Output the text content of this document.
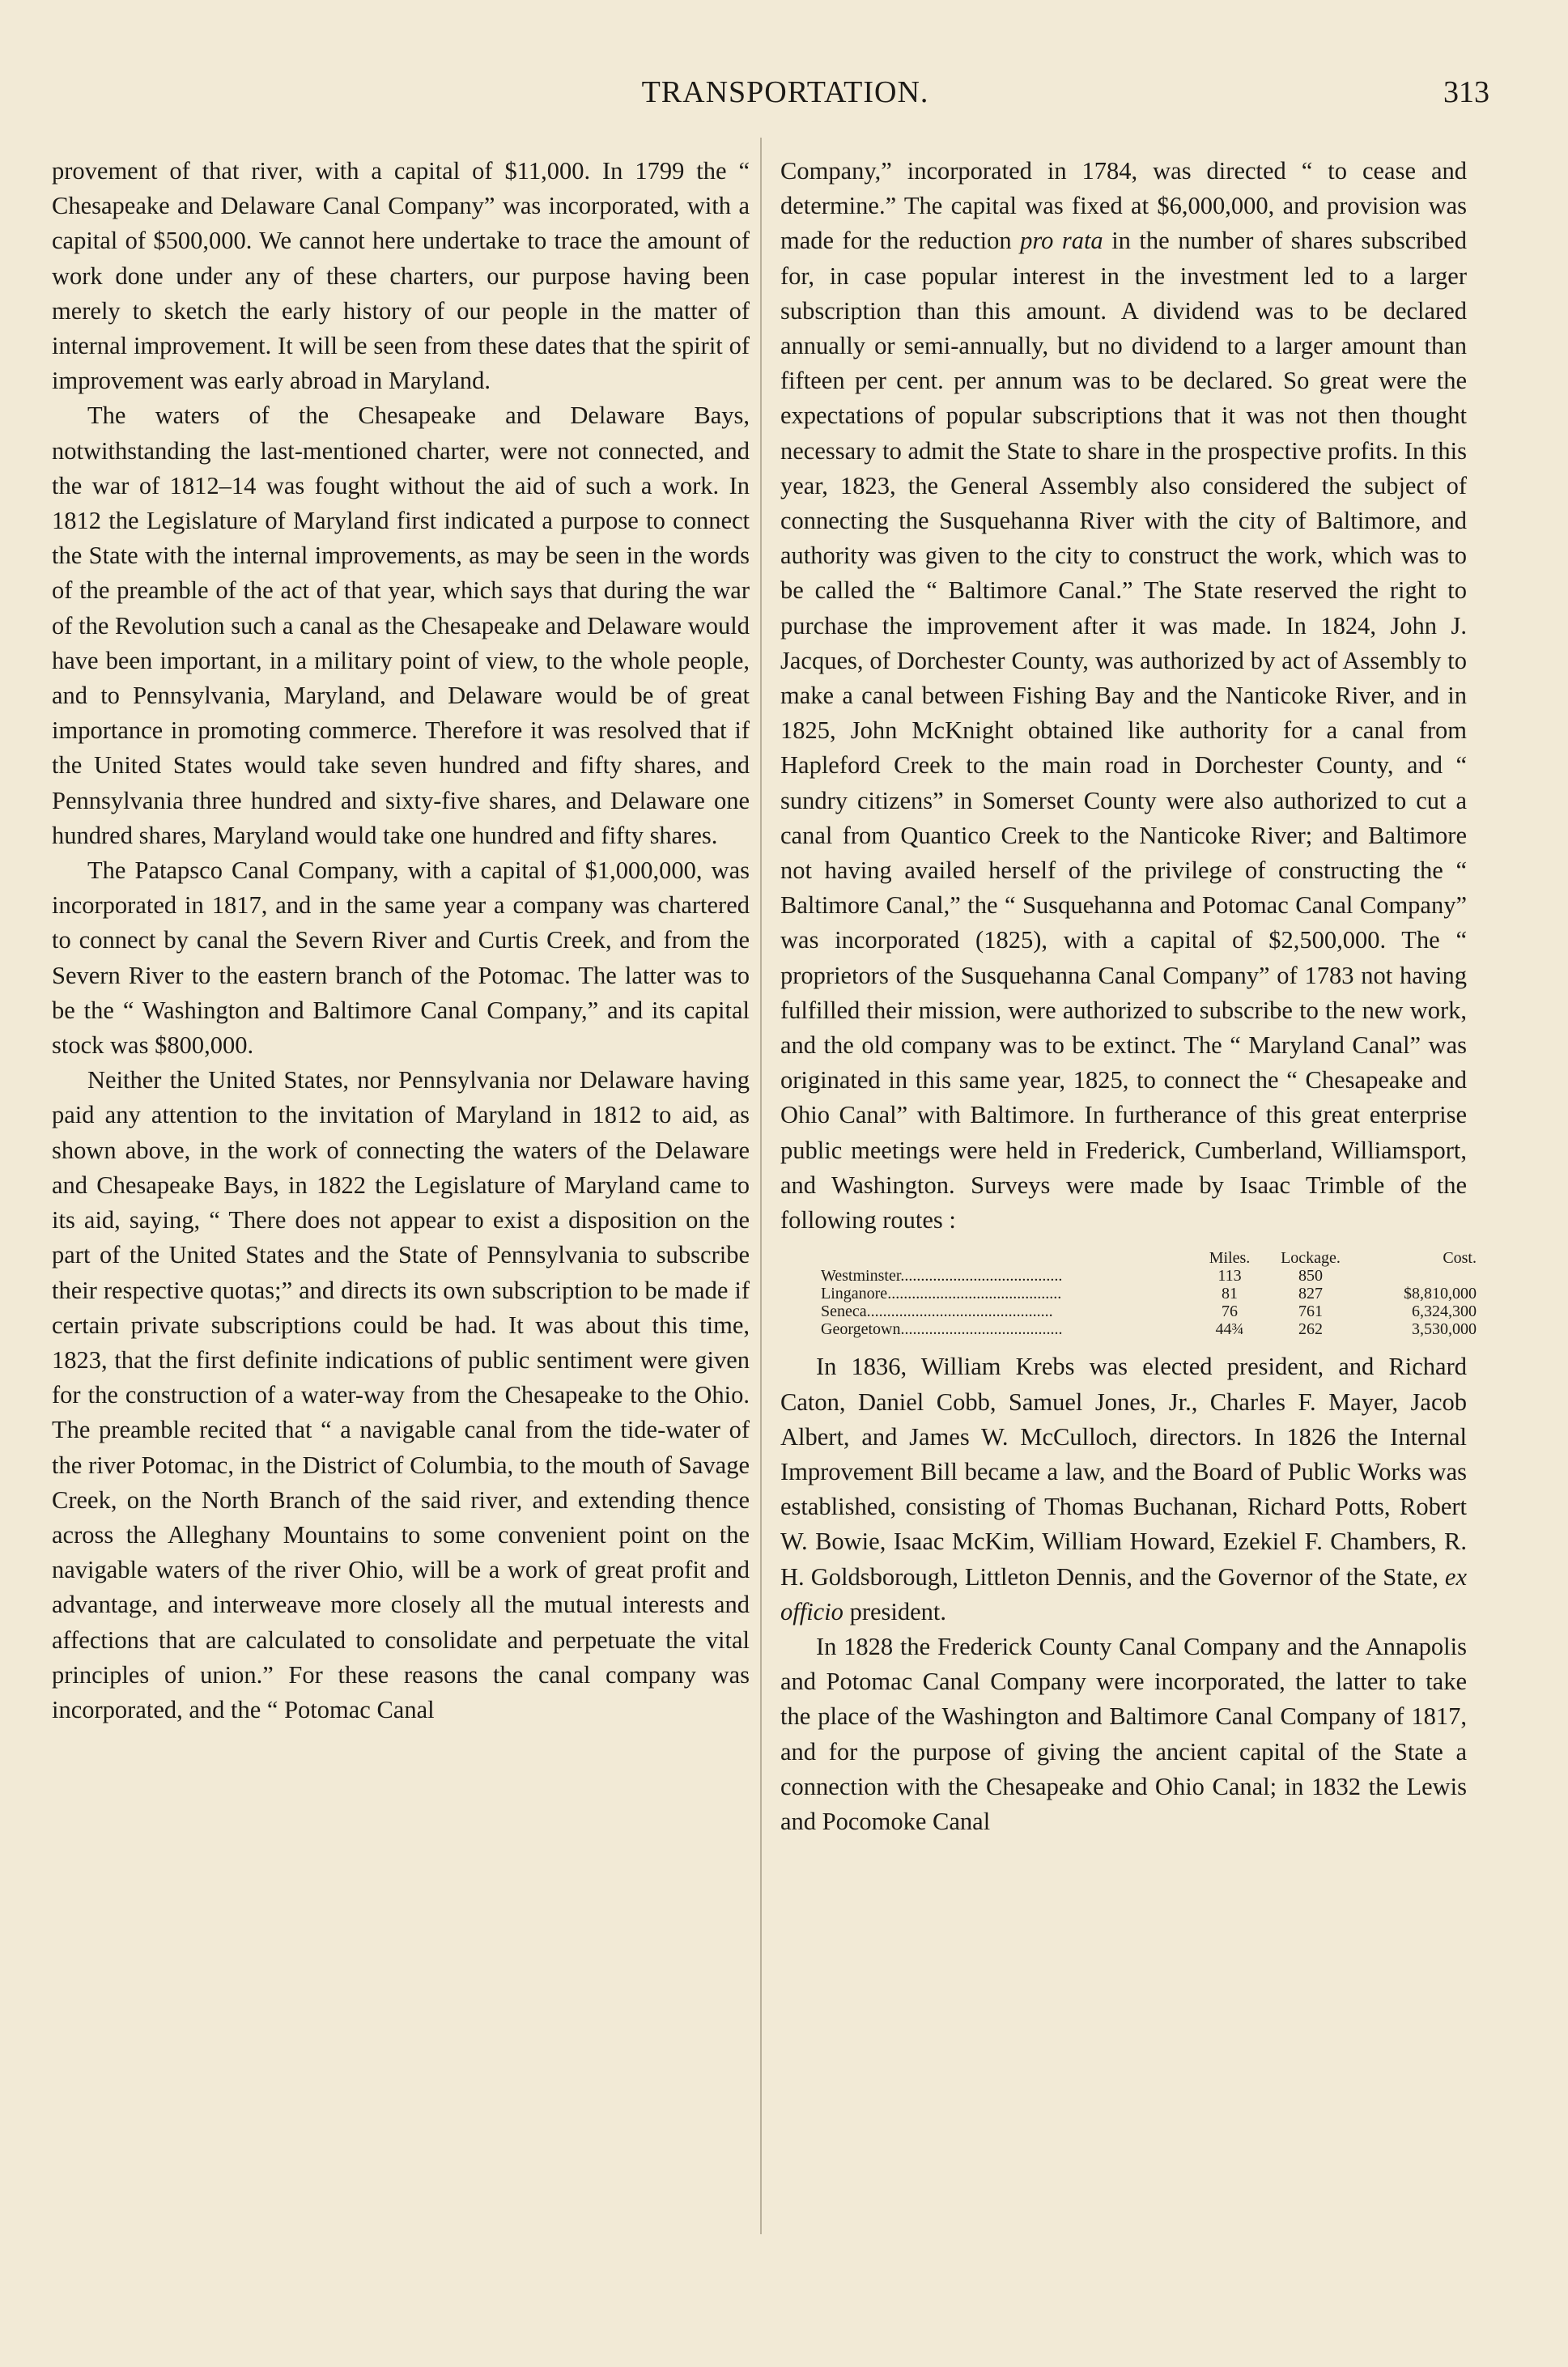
TRANSPORTATION.	313

provement of that river, with a capital of $11,000. In 1799 the “ Chesapeake and Delaware Canal Company” was incorporated, with a capital of $500,000. We cannot here undertake to trace the amount of work done under any of these charters, our purpose having been merely to sketch the early history of our people in the matter of internal improvement. It will be seen from these dates that the spirit of improvement was early abroad in Maryland.

The waters of the Chesapeake and Delaware Bays, notwithstanding the last-mentioned charter, were not connected, and the war of 1812–14 was fought without the aid of such a work. In 1812 the Legislature of Maryland first indicated a purpose to connect the State with the internal improvements, as may be seen in the words of the preamble of the act of that year, which says that during the war of the Revolution such a canal as the Chesapeake and Delaware would have been important, in a military point of view, to the whole people, and to Pennsylvania, Maryland, and Delaware would be of great importance in promoting commerce. Therefore it was resolved that if the United States would take seven hundred and fifty shares, and Pennsylvania three hundred and sixty-five shares, and Delaware one hundred shares, Maryland would take one hundred and fifty shares.

The Patapsco Canal Company, with a capital of $1,000,000, was incorporated in 1817, and in the same year a company was chartered to connect by canal the Severn River and Curtis Creek, and from the Severn River to the eastern branch of the Potomac. The latter was to be the “ Washington and Baltimore Canal Company,” and its capital stock was $800,000.

Neither the United States, nor Pennsylvania nor Delaware having paid any attention to the invitation of Maryland in 1812 to aid, as shown above, in the work of connecting the waters of the Delaware and Chesapeake Bays, in 1822 the Legislature of Maryland came to its aid, saying, “ There does not appear to exist a disposition on the part of the United States and the State of Pennsylvania to subscribe their respective quotas;” and directs its own subscription to be made if certain private subscriptions could be had. It was about this time, 1823, that the first definite indications of public sentiment were given for the construction of a water-way from the Chesapeake to the Ohio. The preamble recited that “ a navigable canal from the tide-water of the river Potomac, in the District of Columbia, to the mouth of Savage Creek, on the North Branch of the said river, and extending thence across the Alleghany Mountains to some convenient point on the navigable waters of the river Ohio, will be a work of great profit and advantage, and interweave more closely all the mutual interests and affections that are calculated to consolidate and perpetuate the vital principles of union.” For these reasons the canal company was incorporated, and the “ Potomac Canal

Company,” incorporated in 1784, was directed “ to cease and determine.” The capital was fixed at $6,000,000, and provision was made for the reduction pro rata in the number of shares subscribed for, in case popular interest in the investment led to a larger subscription than this amount. A dividend was to be declared annually or semi-annually, but no dividend to a larger amount than fifteen per cent. per annum was to be declared. So great were the expectations of popular subscriptions that it was not then thought necessary to admit the State to share in the prospective profits. In this year, 1823, the General Assembly also considered the subject of connecting the Susquehanna River with the city of Baltimore, and authority was given to the city to construct the work, which was to be called the “ Baltimore Canal.” The State reserved the right to purchase the improvement after it was made. In 1824, John J. Jacques, of Dorchester County, was authorized by act of Assembly to make a canal between Fishing Bay and the Nanticoke River, and in 1825, John McKnight obtained like authority for a canal from Hapleford Creek to the main road in Dorchester County, and “ sundry citizens” in Somerset County were also authorized to cut a canal from Quantico Creek to the Nanticoke River; and Baltimore not having availed herself of the privilege of constructing the “ Baltimore Canal,” the “ Susquehanna and Potomac Canal Company” was incorporated (1825), with a capital of $2,500,000. The “ proprietors of the Susquehanna Canal Company” of 1783 not having fulfilled their mission, were authorized to subscribe to the new work, and the old company was to be extinct. The “ Maryland Canal” was originated in this same year, 1825, to connect the “ Chesapeake and Ohio Canal” with Baltimore. In furtherance of this great enterprise public meetings were held in Frederick, Cumberland, Williamsport, and Washington. Surveys were made by Isaac Trimble of the following routes :

	Miles.	Lockage.	Cost.
Westminster........................................	113	850	
Linganore...........................................	81	827	$8,810,000
Seneca..............................................	76	761	6,324,300
Georgetown........................................	44¾	262	3,530,000

In 1836, William Krebs was elected president, and Richard Caton, Daniel Cobb, Samuel Jones, Jr., Charles F. Mayer, Jacob Albert, and James W. McCulloch, directors. In 1826 the Internal Improvement Bill became a law, and the Board of Public Works was established, consisting of Thomas Buchanan, Richard Potts, Robert W. Bowie, Isaac McKim, William Howard, Ezekiel F. Chambers, R. H. Goldsborough, Littleton Dennis, and the Governor of the State, ex officio president.

In 1828 the Frederick County Canal Company and the Annapolis and Potomac Canal Company were incorporated, the latter to take the place of the Washington and Baltimore Canal Company of 1817, and for the purpose of giving the ancient capital of the State a connection with the Chesapeake and Ohio Canal; in 1832 the Lewis and Pocomoke Canal
